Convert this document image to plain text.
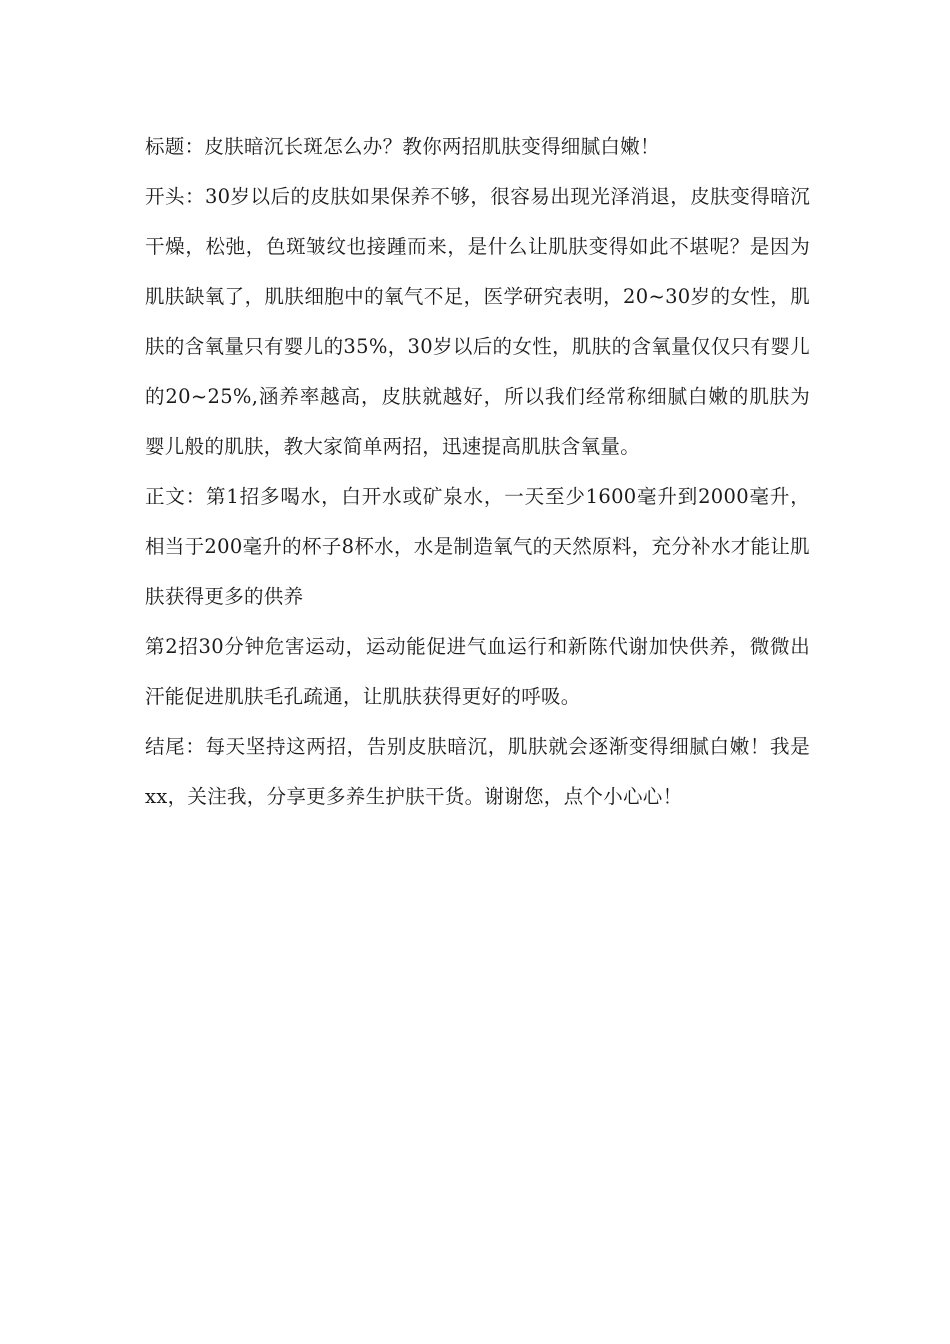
标题：皮肤暗沉长斑怎么办？教你两招肌肤变得细腻白嫩！

开头：30岁以后的皮肤如果保养不够，很容易出现光泽消退，皮肤变得暗沉干燥，松弛，色斑皱纹也接踵而来，是什么让肌肤变得如此不堪呢？是因为肌肤缺氧了，肌肤细胞中的氧气不足，医学研究表明，20~30岁的女性，肌肤的含氧量只有婴儿的35%，30岁以后的女性，肌肤的含氧量仅仅只有婴儿的20~25%,涵养率越高，皮肤就越好，所以我们经常称细腻白嫩的肌肤为婴儿般的肌肤，教大家简单两招，迅速提高肌肤含氧量。

正文：第1招多喝水，白开水或矿泉水，一天至少1600毫升到2000毫升，相当于200毫升的杯子8杯水，水是制造氧气的天然原料，充分补水才能让肌肤获得更多的供养

第2招30分钟危害运动，运动能促进气血运行和新陈代谢加快供养，微微出汗能促进肌肤毛孔疏通，让肌肤获得更好的呼吸。

结尾：每天坚持这两招，告别皮肤暗沉，肌肤就会逐渐变得细腻白嫩！我是xx，关注我，分享更多养生护肤干货。谢谢您，点个小心心！
